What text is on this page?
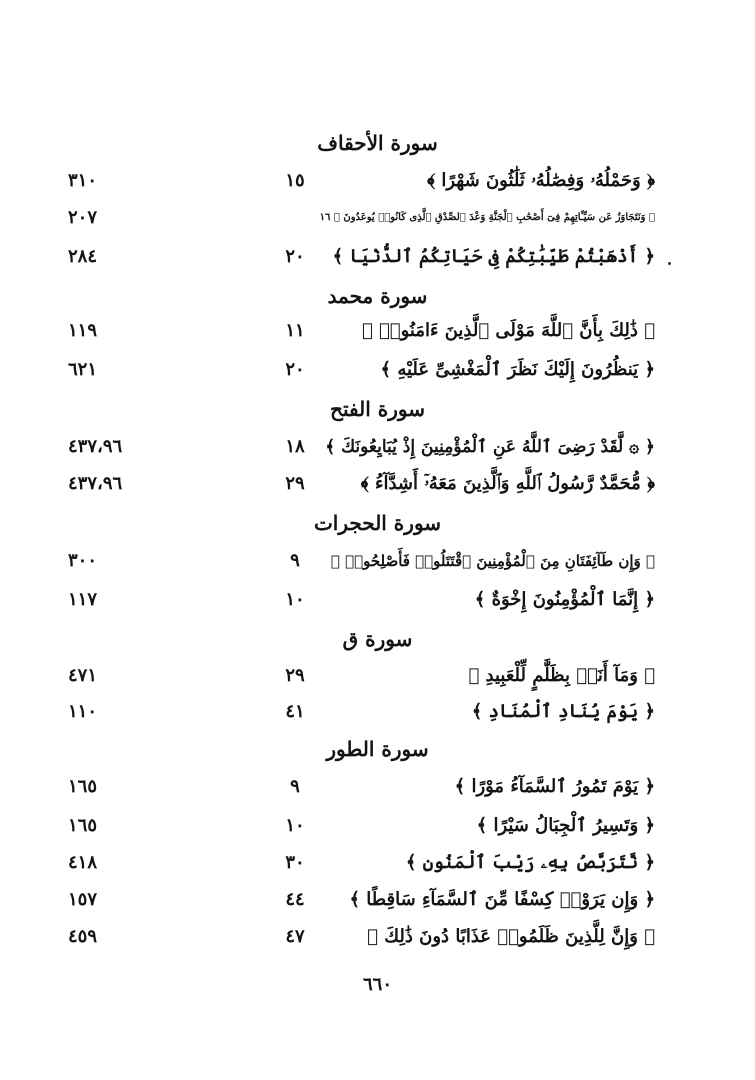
سورة الأحقاف
﴿ وَحَمْلُهُۥ وَفِصَٰلُهُۥ ثَلَٰثُونَ شَهْرًا ﴾
١٥
٣١٠
﴿ وَنَتَجَاوَزُ عَن سَيِّـَٔاتِهِمْ فِىٓ أَصْحَٰبِ ٱلْجَنَّةِ وَعْدَ ٱلصِّدْقِ ٱلَّذِى كَانُوا۟ يُوعَدُونَ ﴾ ١٦
٢٠٧
﴿ أَذْهَبْتُمْ طَيِّبَٰتِكُمْ فِى حَيَاتِكُمُ ٱلدُّنْيَا ﴾
٢٠
٢٨٤
سورة محمد
﴿ ذَٰلِكَ بِأَنَّ ٱللَّهَ مَوْلَى ٱلَّذِينَ ءَامَنُوا۟ ﴾
١١
١١٩
﴿ يَنظُرُونَ إِلَيْكَ نَظَرَ ٱلْمَغْشِىِّ عَلَيْهِ ﴾
٢٠
٦٢١
سورة الفتح
﴿ ۞ لَّقَدْ رَضِىَ ٱللَّهُ عَنِ ٱلْمُؤْمِنِينَ إِذْ يُبَايِعُونَكَ ﴾
١٨
٤٣٧،٩٦
﴿ مُّحَمَّدٌ رَّسُولُ ٱللَّهِ وَٱلَّذِينَ مَعَهُۥٓ أَشِدَّآءُ ﴾
٢٩
٤٣٧،٩٦
سورة الحجرات
﴿ وَإِن طَآئِفَتَانِ مِنَ ٱلْمُؤْمِنِينَ ٱقْتَتَلُوا۟ فَأَصْلِحُوا۟ ﴾
٩
٣٠٠
﴿ إِنَّمَا ٱلْمُؤْمِنُونَ إِخْوَةٌ ﴾
١٠
١١٧
سورة ق
﴿ وَمَآ أَنَا۠ بِظَلَّٰمٍ لِّلْعَبِيدِ ﴾
٢٩
٤٧١
﴿ يَوْمَ يُنَادِ ٱلْمُنَادِ ﴾
٤١
١١٠
سورة الطور
﴿ يَوْمَ تَمُورُ ٱلسَّمَآءُ مَوْرًا ﴾
٩
١٦٥
﴿ وَتَسِيرُ ٱلْجِبَالُ سَيْرًا ﴾
١٠
١٦٥
﴿ نَّتَرَبَّصُ بِهِۦ رَيْبَ ٱلْمَنُونِ ﴾
٣٠
٤١٨
﴿ وَإِن يَرَوْا۟ كِسْفًا مِّنَ ٱلسَّمَآءِ سَاقِطًا ﴾
٤٤
١٥٧
﴿ وَإِنَّ لِلَّذِينَ ظَلَمُوا۟ عَذَابًا دُونَ ذَٰلِكَ ﴾
٤٧
٤٥٩
٦٦٠
